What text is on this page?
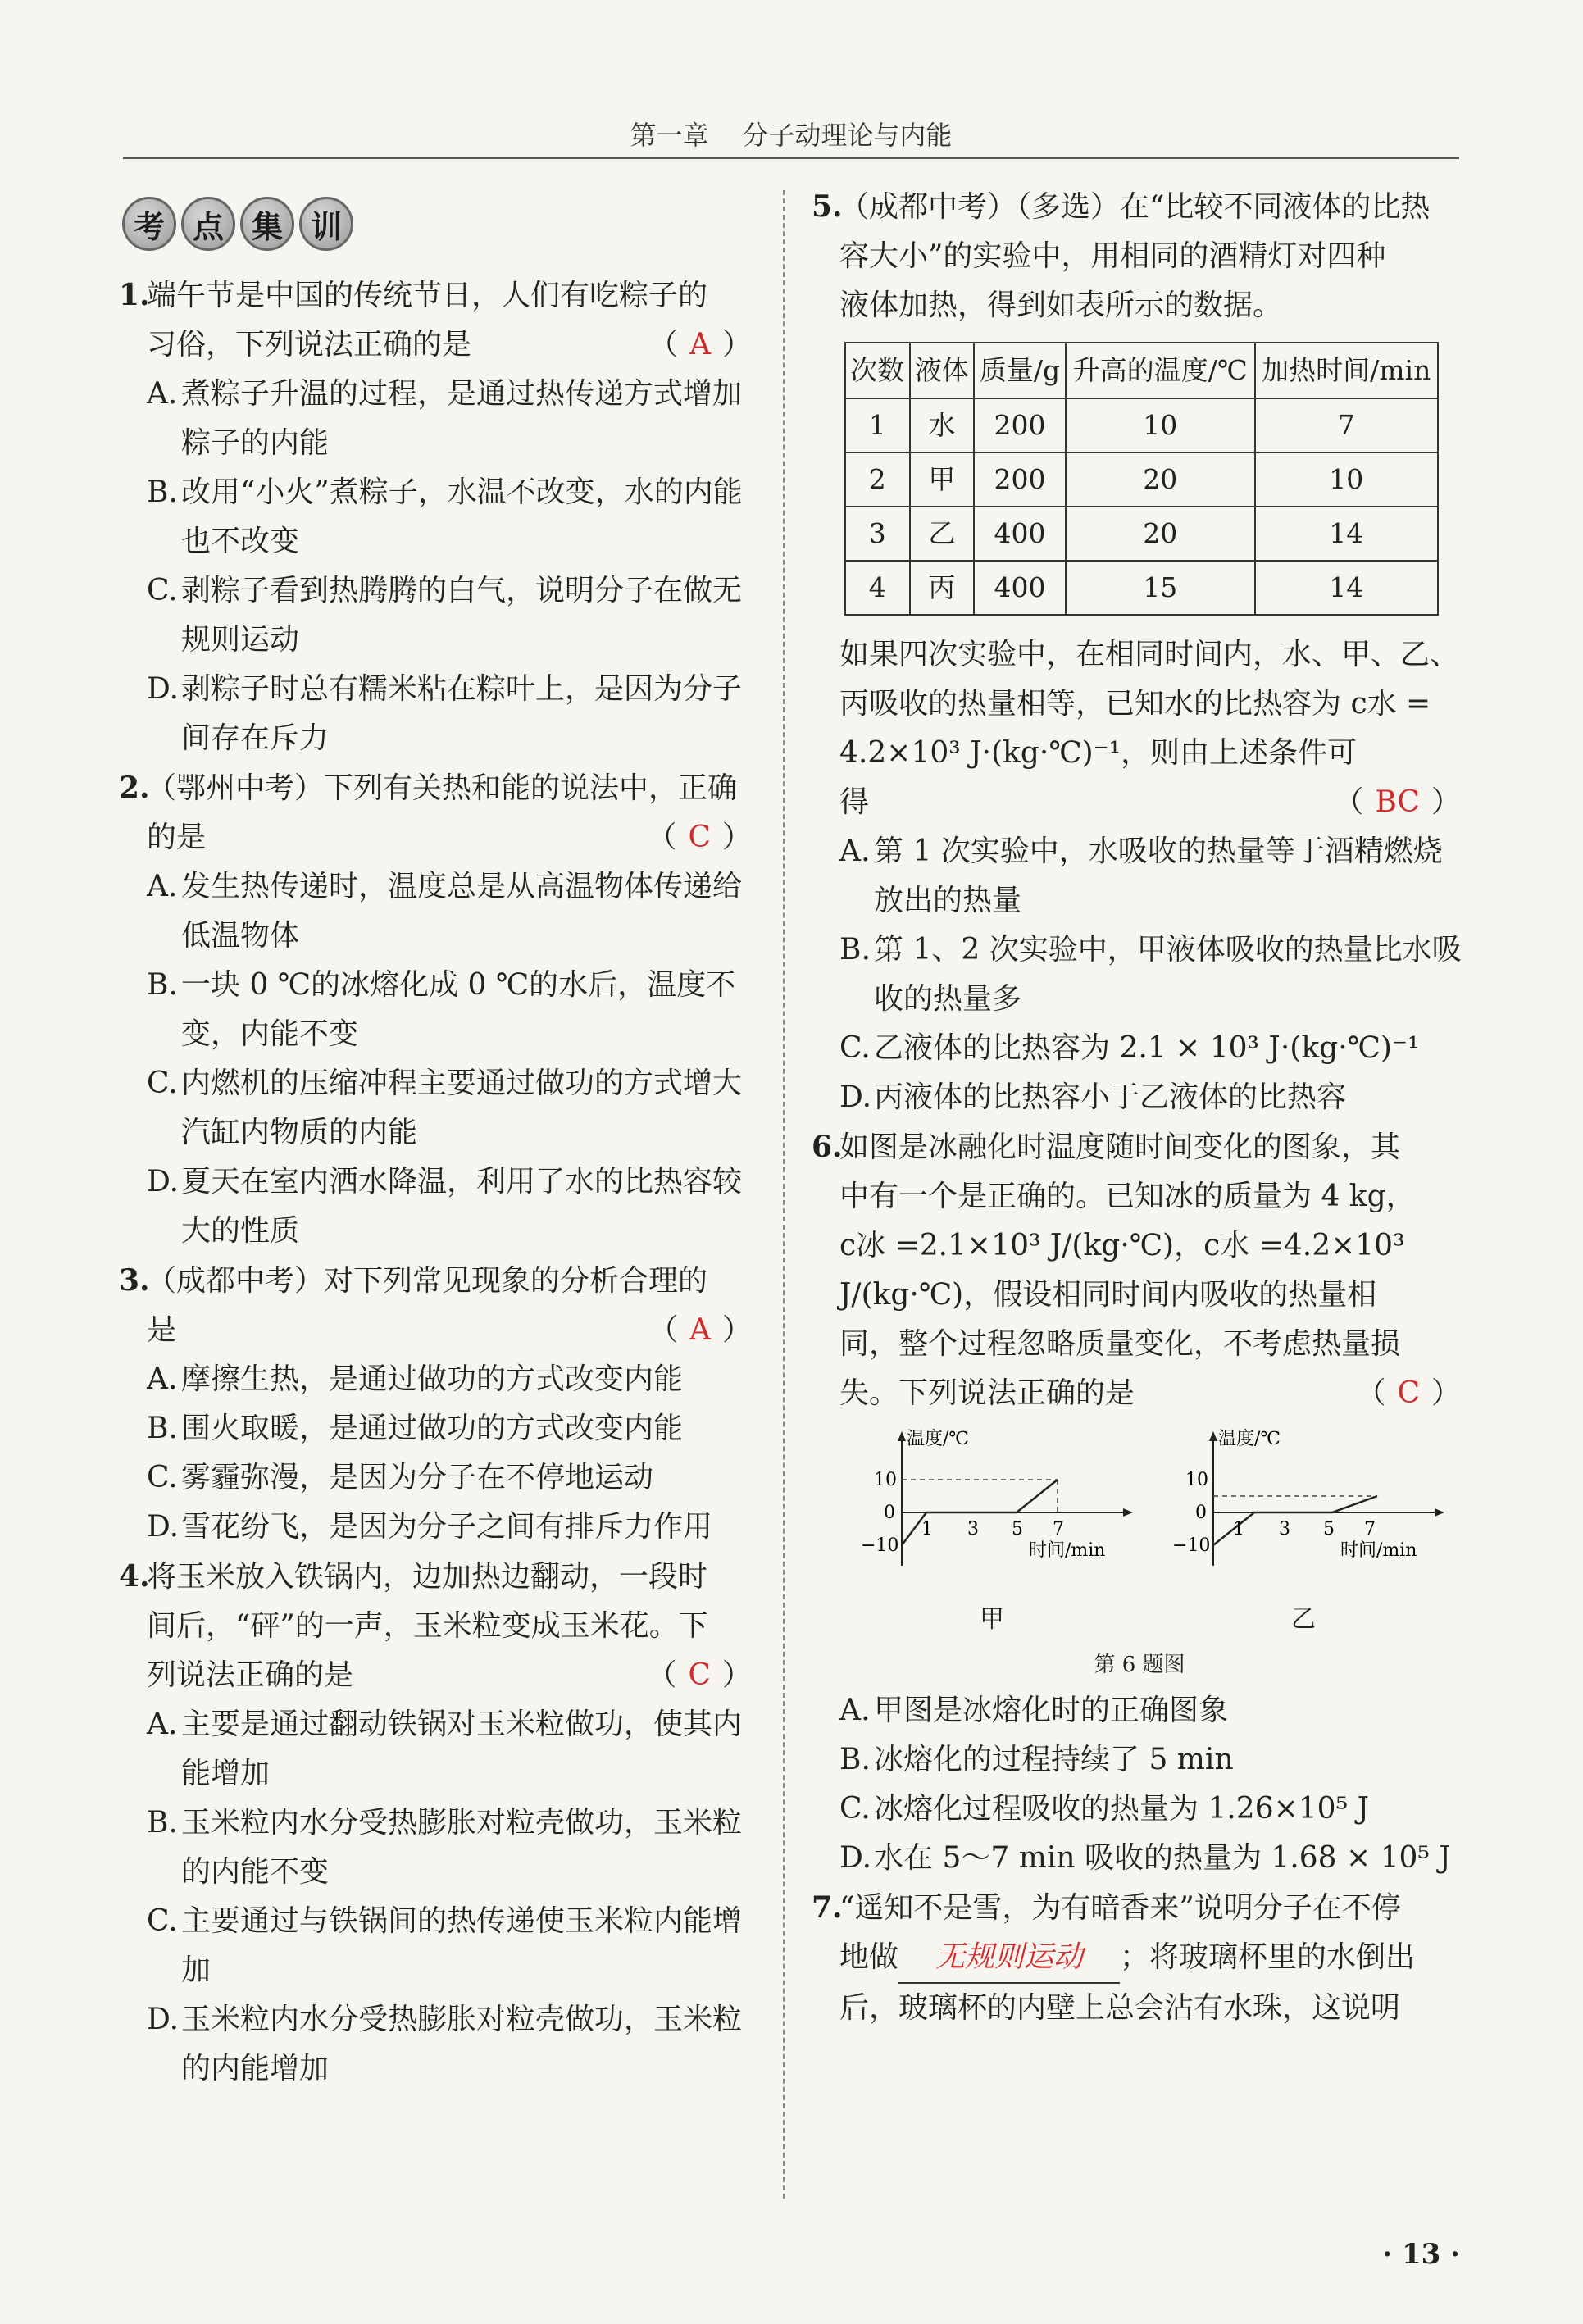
第一章 分子动理论与内能
考 点 集 训
1.端午节是中国的传统节日，人们有吃粽子的
习俗，下列说法正确的是	（ A ）
A. 煮粽子升温的过程，是通过热传递方式增加粽子的内能
B. 改用“小火”煮粽子，水温不改变，水的内能也不改变
C. 剥粽子看到热腾腾的白气，说明分子在做无规则运动
D.剥粽子时总有糯米粘在粽叶上，是因为分子间存在斥力
2.（鄂州中考）下列有关热和能的说法中，正确
的是	（ C ）
A. 发生热传递时，温度总是从高温物体传递给低温物体
B. 一块 0 ℃的冰熔化成 0 ℃的水后，温度不变，内能不变
C. 内燃机的压缩冲程主要通过做功的方式增大汽缸内物质的内能
D.夏天在室内洒水降温，利用了水的比热容较大的性质
3.（成都中考）对下列常见现象的分析合理的
是	（ A ）
A. 摩擦生热，是通过做功的方式改变内能
B. 围火取暖，是通过做功的方式改变内能
C. 雾霾弥漫，是因为分子在不停地运动
D.雪花纷飞，是因为分子之间有排斥力作用
4.将玉米放入铁锅内，边加热边翻动，一段时
间后，“砰”的一声，玉米粒变成玉米花。下
列说法正确的是	（ C ）
A. 主要是通过翻动铁锅对玉米粒做功，使其内能增加
B. 玉米粒内水分受热膨胀对粒壳做功，玉米粒的内能不变
C. 主要通过与铁锅间的热传递使玉米粒内能增加
D.玉米粒内水分受热膨胀对粒壳做功，玉米粒的内能增加
5.（成都中考）（多选）在“比较不同液体的比热
容大小”的实验中，用相同的酒精灯对四种
液体加热，得到如表所示的数据。
次数	液体	质量/g	升高的温度/℃	加热时间/min
1	水	200	10	7
2	甲	200	20	10
3	乙	400	20	14
4	丙	400	15	14
如果四次实验中，在相同时间内，水、甲、乙、
丙吸收的热量相等，已知水的比热容为 c水 =
4.2×10³ J·(kg·℃)⁻¹，则由上述条件可
得	（ BC ）
A. 第 1 次实验中，水吸收的热量等于酒精燃烧放出的热量
B. 第 1、2 次实验中，甲液体吸收的热量比水吸收的热量多
C. 乙液体的比热容为 2.1 × 10³ J·(kg·℃)⁻¹
D.丙液体的比热容小于乙液体的比热容
6.如图是冰融化时温度随时间变化的图象，其
中有一个是正确的。已知冰的质量为 4 kg，
c冰 =2.1×10³ J/(kg·℃)，c水 =4.2×10³
J/(kg·℃)，假设相同时间内吸收的热量相
同，整个过程忽略质量变化，不考虑热量损
失。下列说法正确的是	（ C ）
温度/℃
10
0
−10
1 3 5 7
时间/min
甲
温度/℃
10
0
−10
1 3 5 7
时间/min
乙
第 6 题图
A. 甲图是冰熔化时的正确图象
B. 冰熔化的过程持续了 5 min
C. 冰熔化过程吸收的热量为 1.26×10⁵ J
D.水在 5～7 min 吸收的热量为 1.68 × 10⁵ J
7.“遥知不是雪，为有暗香来”说明分子在不停
地做 无规则运动 ；将玻璃杯里的水倒出
后，玻璃杯的内壁上总会沾有水珠，这说明
· 13 ·
